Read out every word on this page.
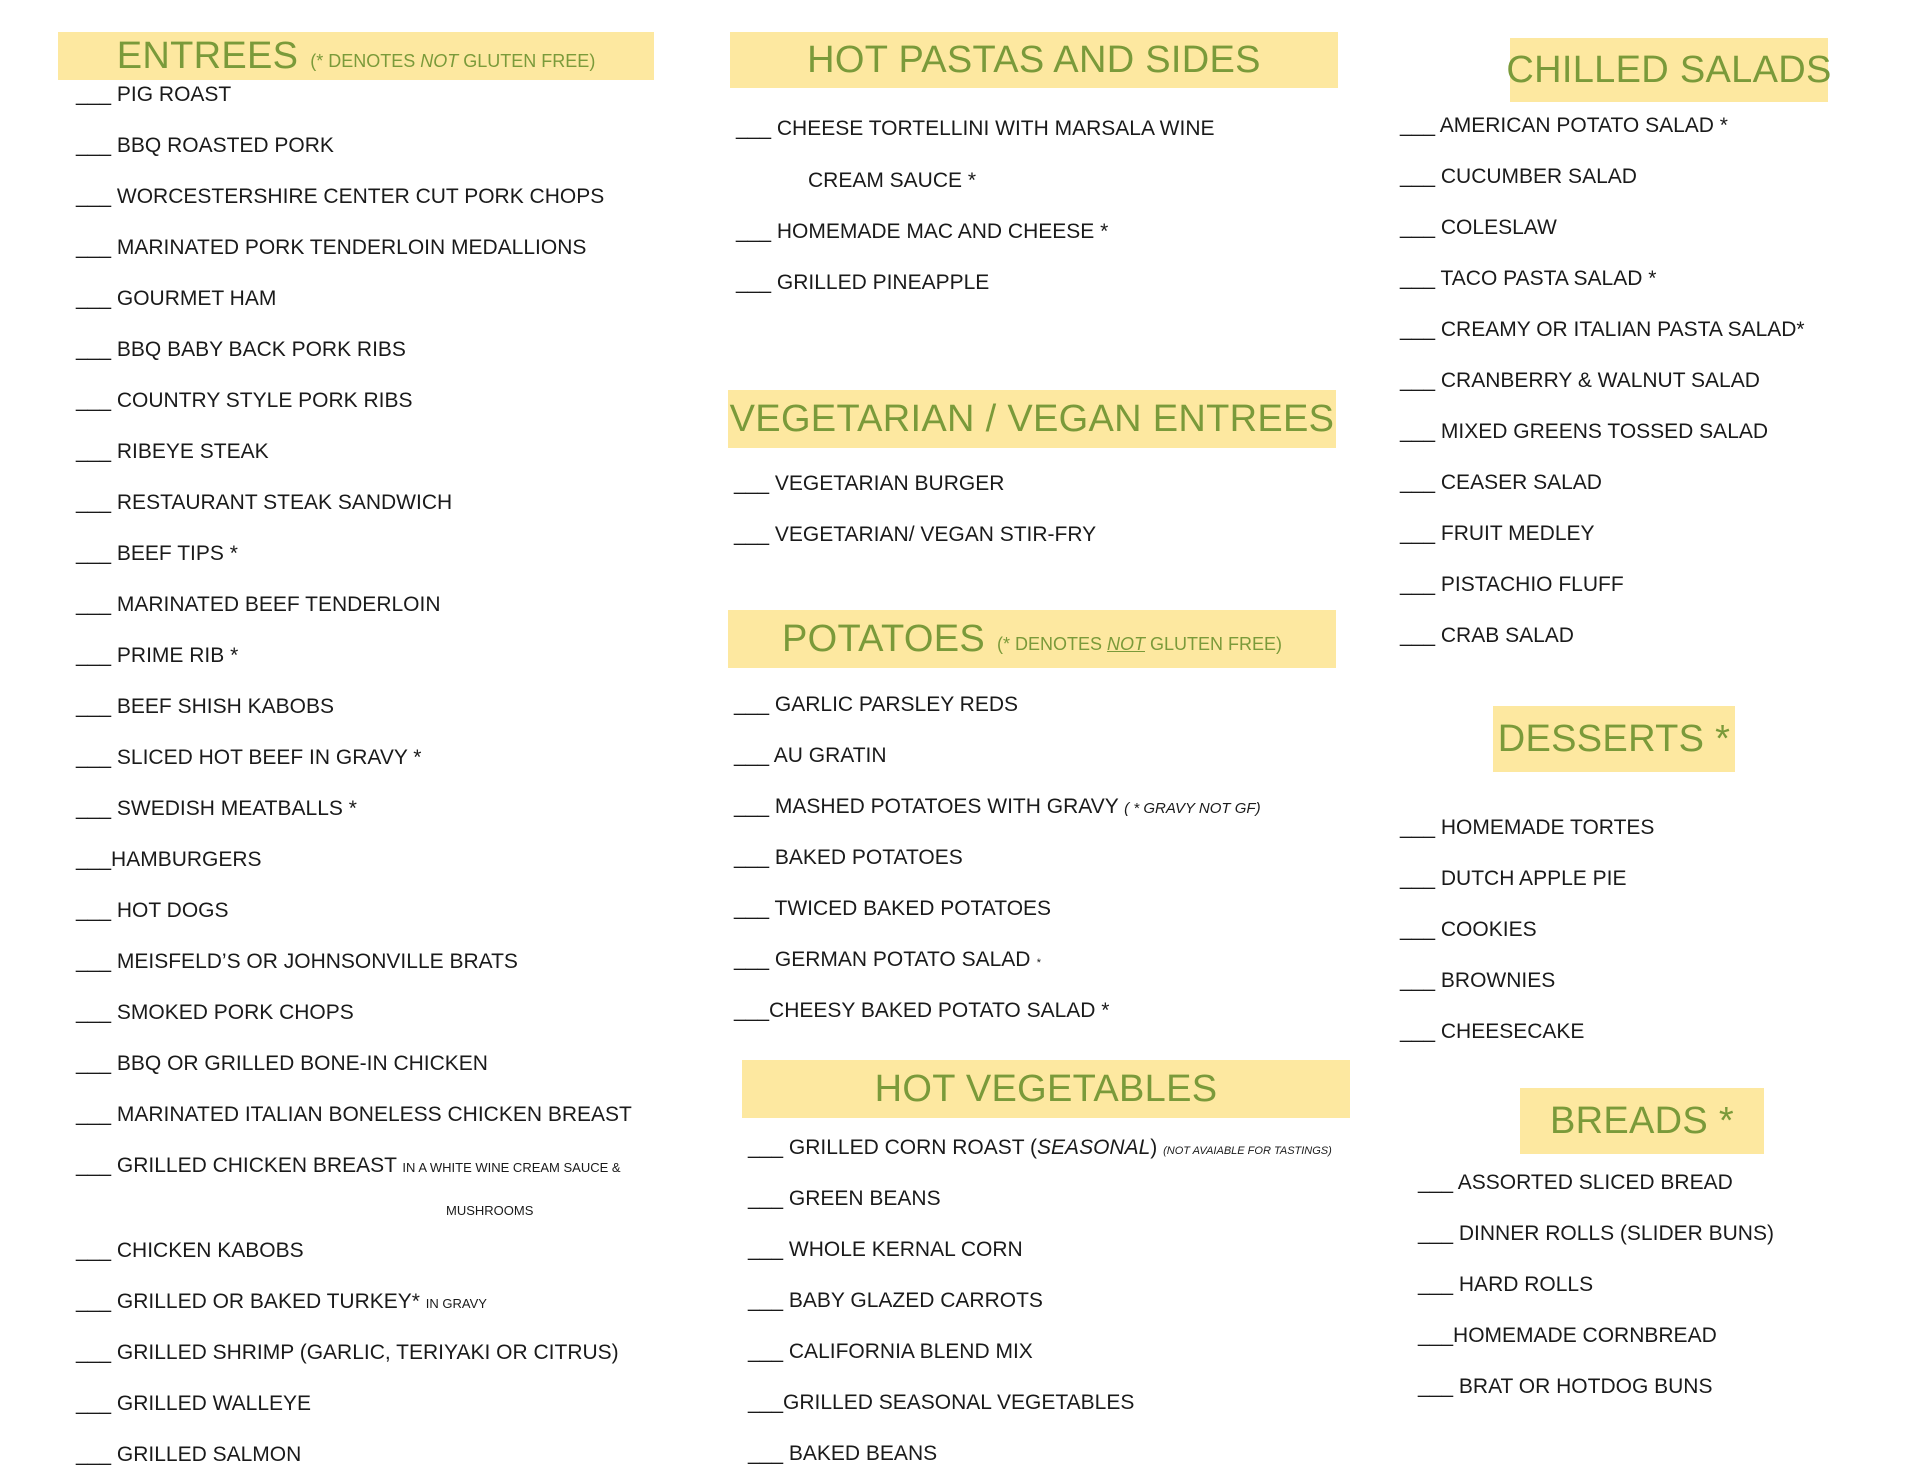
ENTREES (* DENOTES NOT GLUTEN FREE)
___ PIG ROAST
___ BBQ ROASTED PORK
___ WORCESTERSHIRE CENTER CUT PORK CHOPS
___ MARINATED PORK TENDERLOIN MEDALLIONS
___ GOURMET HAM
___ BBQ BABY BACK PORK RIBS
___ COUNTRY STYLE PORK RIBS
___ RIBEYE STEAK
___ RESTAURANT STEAK SANDWICH
___ BEEF TIPS *
___ MARINATED BEEF TENDERLOIN
___ PRIME RIB *
___ BEEF SHISH KABOBS
___ SLICED HOT BEEF IN GRAVY *
___ SWEDISH MEATBALLS *
___HAMBURGERS
___ HOT DOGS
___ MEISFELD’S OR JOHNSONVILLE BRATS
___ SMOKED PORK CHOPS
___ BBQ OR GRILLED BONE-IN CHICKEN
___ MARINATED ITALIAN BONELESS CHICKEN BREAST
___ GRILLED CHICKEN BREAST IN A WHITE WINE CREAM SAUCE &
MUSHROOMS
___ CHICKEN KABOBS
___ GRILLED OR BAKED TURKEY* IN GRAVY
___ GRILLED SHRIMP (GARLIC, TERIYAKI OR CITRUS)
___ GRILLED WALLEYE
___ GRILLED SALMON
HOT PASTAS AND SIDES
___ CHEESE TORTELLINI WITH MARSALA WINE
CREAM SAUCE *
___ HOMEMADE MAC AND CHEESE *
___ GRILLED PINEAPPLE
VEGETARIAN / VEGAN ENTREES
___ VEGETARIAN BURGER
___ VEGETARIAN/ VEGAN STIR-FRY
POTATOES (* DENOTES NOT GLUTEN FREE)
___ GARLIC PARSLEY REDS
___ AU GRATIN
___ MASHED POTATOES WITH GRAVY ( * GRAVY NOT GF)
___ BAKED POTATOES
___ TWICED BAKED POTATOES
___ GERMAN POTATO SALAD *
___CHEESY BAKED POTATO SALAD *
HOT VEGETABLES
___ GRILLED CORN ROAST (SEASONAL) (NOT AVAIABLE FOR TASTINGS)
___ GREEN BEANS
___ WHOLE KERNAL CORN
___ BABY GLAZED CARROTS
___ CALIFORNIA BLEND MIX
___GRILLED SEASONAL VEGETABLES
___ BAKED BEANS
CHILLED SALADS
___ AMERICAN POTATO SALAD *
___ CUCUMBER SALAD
___ COLESLAW
___ TACO PASTA SALAD *
___ CREAMY OR ITALIAN PASTA SALAD*
___ CRANBERRY & WALNUT SALAD
___ MIXED GREENS TOSSED SALAD
___ CEASER SALAD
___ FRUIT MEDLEY
___ PISTACHIO FLUFF
___ CRAB SALAD
DESSERTS *
___ HOMEMADE TORTES
___ DUTCH APPLE PIE
___ COOKIES
___ BROWNIES
___ CHEESECAKE
BREADS *
___ ASSORTED SLICED BREAD
___ DINNER ROLLS (SLIDER BUNS)
___ HARD ROLLS
___HOMEMADE CORNBREAD
___ BRAT OR HOTDOG BUNS
